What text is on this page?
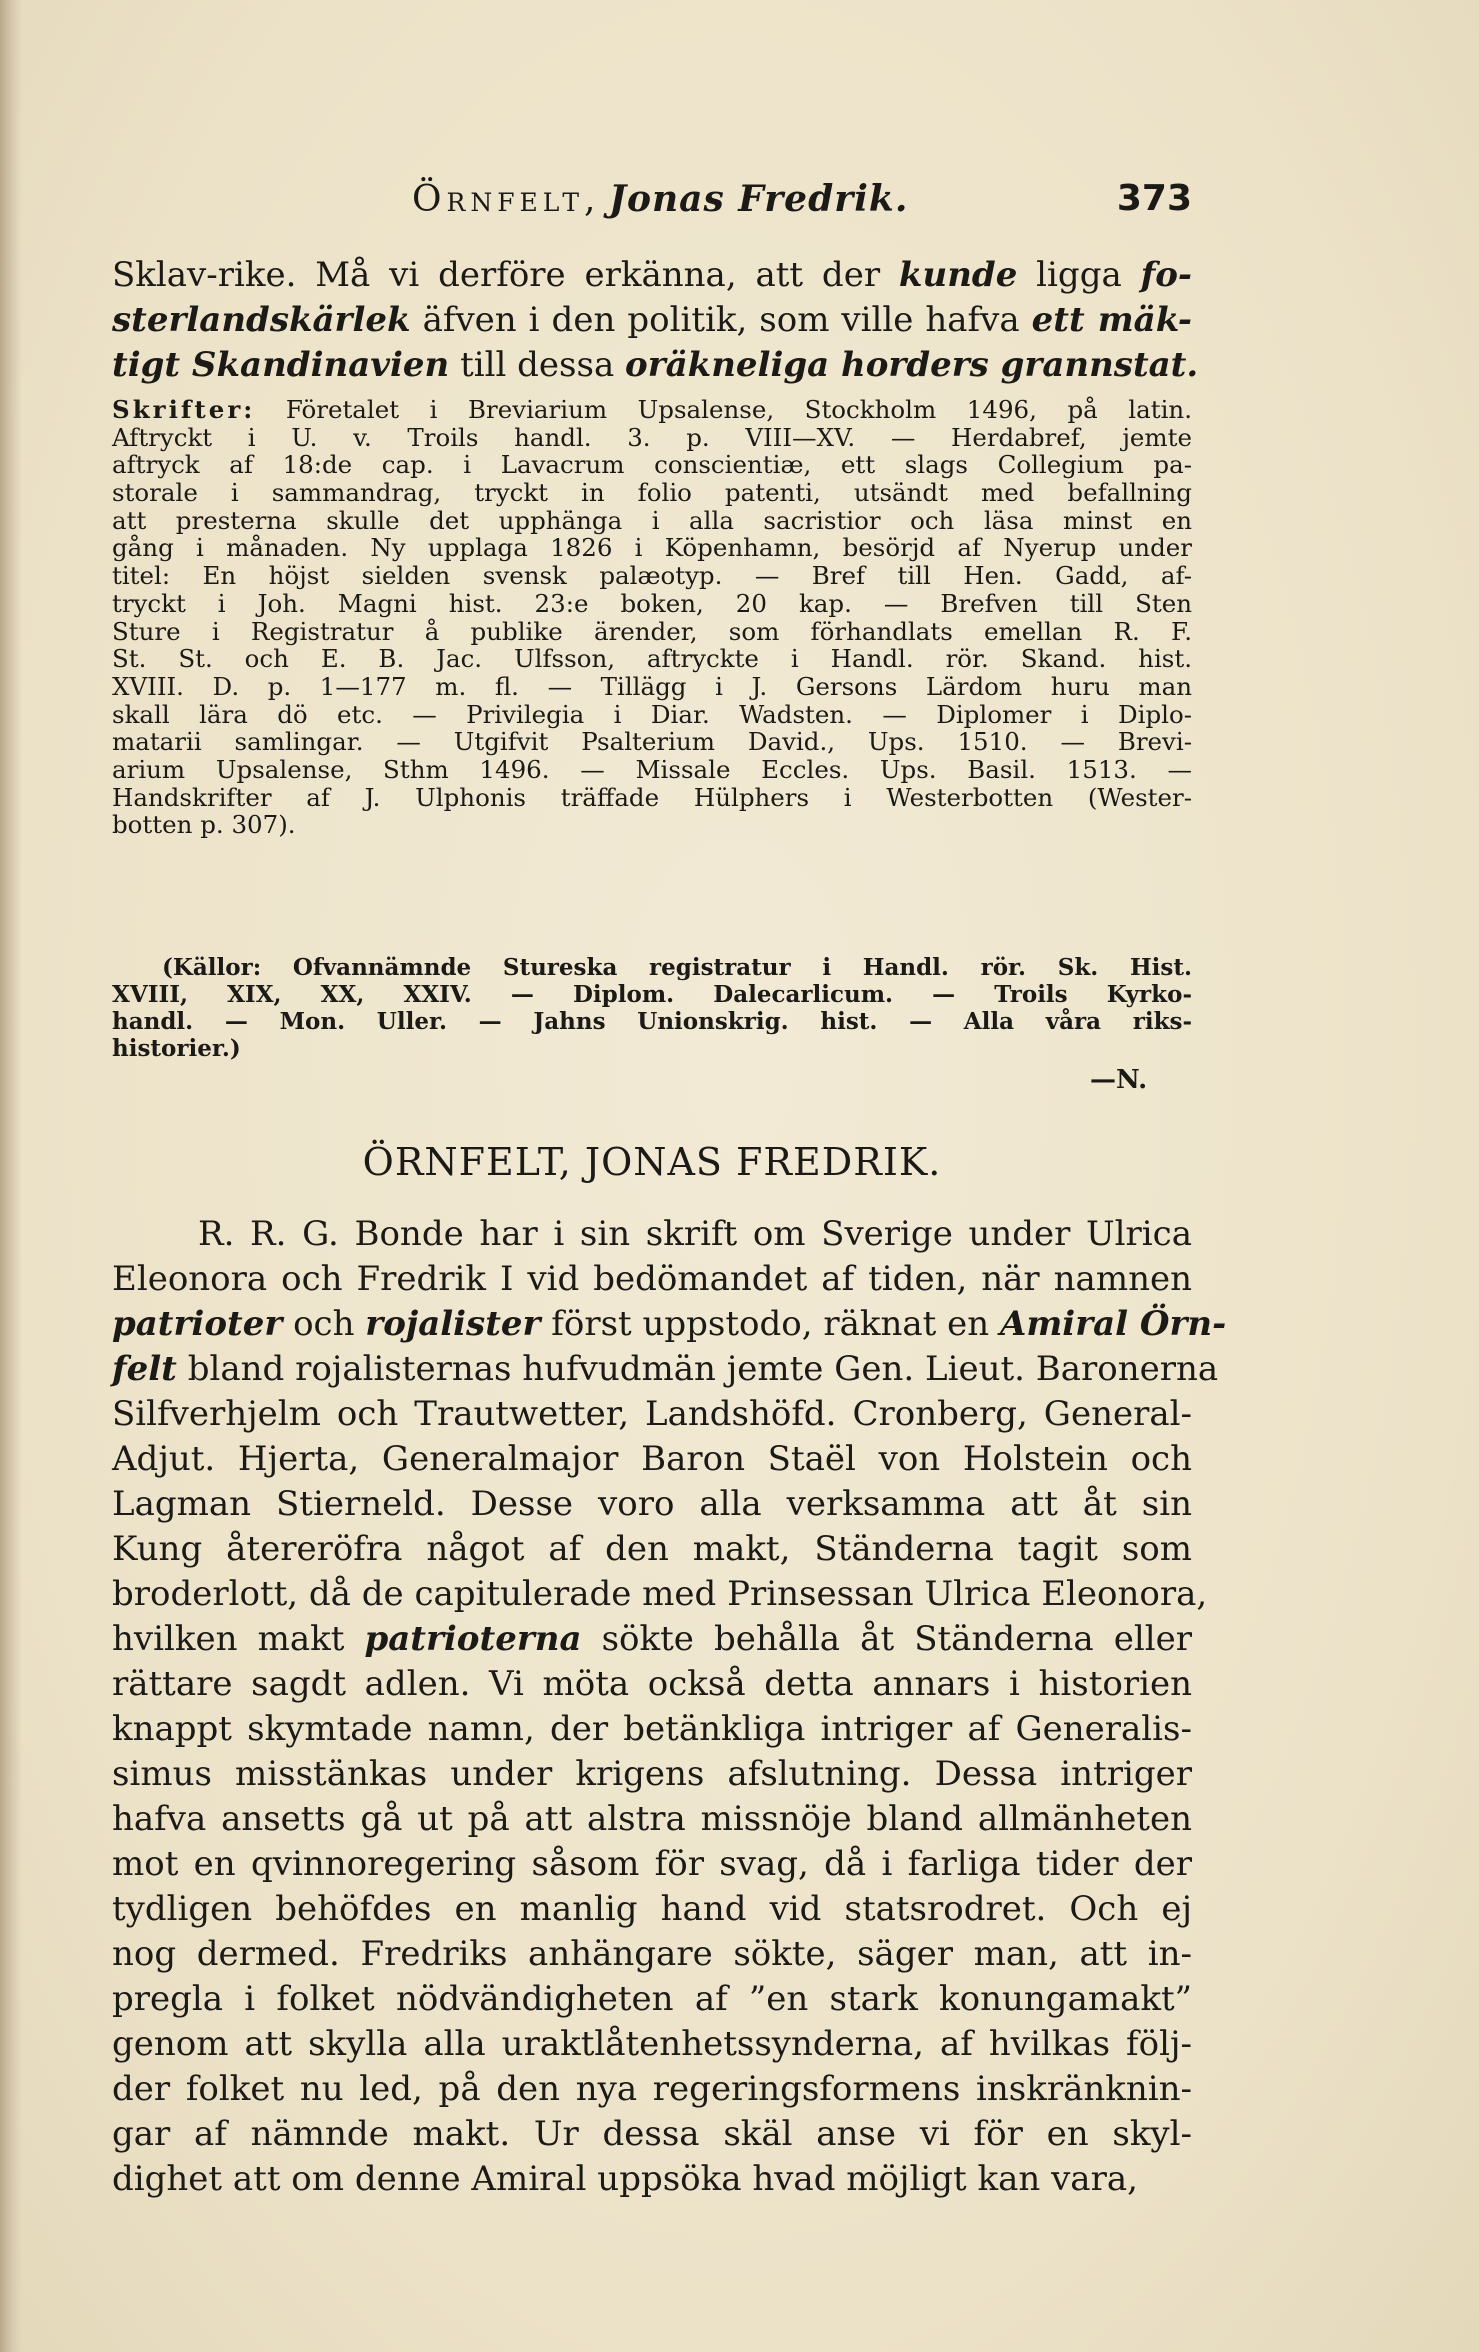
Örnfelt, Jonas Fredrik.	373
Sklav-rike. Må vi derföre erkänna, att der kunde ligga fo-
sterlandskärlek äfven i den politik, som ville hafva ett mäk-
tigt Skandinavien till dessa oräkneliga horders grannstat.
Skrifter: Företalet i Breviarium Upsalense, Stockholm 1496, på latin.
Aftryckt i U. v. Troils handl. 3. p. VIII—XV. — Herdabref, jemte
aftryck af 18:de cap. i Lavacrum conscientiæ, ett slags Collegium pa-
storale i sammandrag, tryckt in folio patenti, utsändt med befallning
att presterna skulle det upphänga i alla sacristior och läsa minst en
gång i månaden. Ny upplaga 1826 i Köpenhamn, besörjd af Nyerup under
titel: En höjst sielden svensk palæotyp. — Bref till Hen. Gadd, af-
tryckt i Joh. Magni hist. 23:e boken, 20 kap. — Brefven till Sten
Sture i Registratur å publike ärender, som förhandlats emellan R. F.
St. St. och E. B. Jac. Ulfsson, aftryckte i Handl. rör. Skand. hist.
XVIII. D. p. 1—177 m. fl. — Tillägg i J. Gersons Lärdom huru man
skall lära dö etc. — Privilegia i Diar. Wadsten. — Diplomer i Diplo-
matarii samlingar. — Utgifvit Psalterium David., Ups. 1510. — Brevi-
arium Upsalense, Sthm 1496. — Missale Eccles. Ups. Basil. 1513. —
Handskrifter af J. Ulphonis träffade Hülphers i Westerbotten (Wester-
botten p. 307).
(Källor: Ofvannämnde Stureska registratur i Handl. rör. Sk. Hist.
XVIII, XIX, XX, XXIV. — Diplom. Dalecarlicum. — Troils Kyrko-
handl. — Mon. Uller. — Jahns Unionskrig. hist. — Alla våra riks-
historier.)
—N.
ÖRNFELT, JONAS FREDRIK.
R. R. G. Bonde har i sin skrift om Sverige under Ulrica
Eleonora och Fredrik I vid bedömandet af tiden, när namnen
patrioter och rojalister först uppstodo, räknat en Amiral Örn-
felt bland rojalisternas hufvudmän jemte Gen. Lieut. Baronerna
Silfverhjelm och Trautwetter, Landshöfd. Cronberg, General-
Adjut. Hjerta, Generalmajor Baron Staël von Holstein och
Lagman Stierneld. Desse voro alla verksamma att åt sin
Kung återeröfra något af den makt, Ständerna tagit som
broderlott, då de capitulerade med Prinsessan Ulrica Eleonora,
hvilken makt patrioterna sökte behålla åt Ständerna eller
rättare sagdt adlen. Vi möta också detta annars i historien
knappt skymtade namn, der betänkliga intriger af Generalis-
simus misstänkas under krigens afslutning. Dessa intriger
hafva ansetts gå ut på att alstra missnöje bland allmänheten
mot en qvinnoregering såsom för svag, då i farliga tider der
tydligen behöfdes en manlig hand vid statsrodret. Och ej
nog dermed. Fredriks anhängare sökte, säger man, att in-
pregla i folket nödvändigheten af ”en stark konungamakt”
genom att skylla alla uraktlåtenhetssynderna, af hvilkas följ-
der folket nu led, på den nya regeringsformens inskränknin-
gar af nämnde makt. Ur dessa skäl anse vi för en skyl-
dighet att om denne Amiral uppsöka hvad möjligt kan vara,
